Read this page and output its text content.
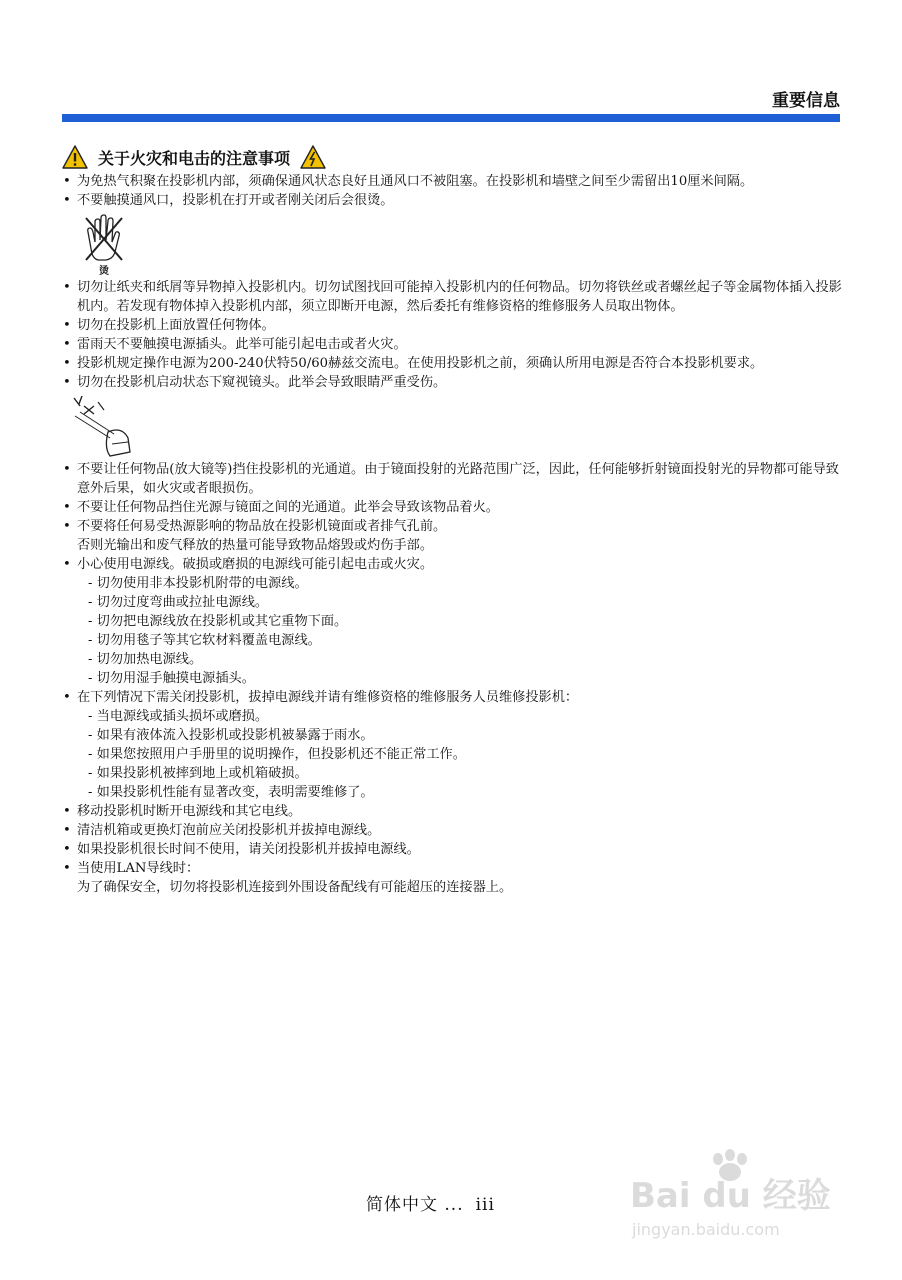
重要信息
关于火灾和电击的注意事项
• 为免热气积聚在投影机内部，须确保通风状态良好且通风口不被阻塞。在投影机和墙壁之间至少需留出10厘米间隔。
• 不要触摸通风口，投影机在打开或者刚关闭后会很烫。
烫
• 切勿让纸夹和纸屑等异物掉入投影机内。切勿试图找回可能掉入投影机内的任何物品。切勿将铁丝或者螺丝起子等金属物体插入投影机内。若发现有物体掉入投影机内部，须立即断开电源，然后委托有维修资格的维修服务人员取出物体。
• 切勿在投影机上面放置任何物体。
• 雷雨天不要触摸电源插头。此举可能引起电击或者火灾。
• 投影机规定操作电源为200-240伏特50/60赫兹交流电。在使用投影机之前，须确认所用电源是否符合本投影机要求。
• 切勿在投影机启动状态下窥视镜头。此举会导致眼睛严重受伤。
• 不要让任何物品(放大镜等)挡住投影机的光通道。由于镜面投射的光路范围广泛，因此，任何能够折射镜面投射光的异物都可能导致意外后果，如火灾或者眼损伤。
• 不要让任何物品挡住光源与镜面之间的光通道。此举会导致该物品着火。
• 不要将任何易受热源影响的物品放在投影机镜面或者排气孔前。
否则光输出和废气释放的热量可能导致物品熔毁或灼伤手部。
• 小心使用电源线。破损或磨损的电源线可能引起电击或火灾。
- 切勿使用非本投影机附带的电源线。
- 切勿过度弯曲或拉扯电源线。
- 切勿把电源线放在投影机或其它重物下面。
- 切勿用毯子等其它软材料覆盖电源线。
- 切勿加热电源线。
- 切勿用湿手触摸电源插头。
• 在下列情况下需关闭投影机，拔掉电源线并请有维修资格的维修服务人员维修投影机：
- 当电源线或插头损坏或磨损。
- 如果有液体流入投影机或投影机被暴露于雨水。
- 如果您按照用户手册里的说明操作，但投影机还不能正常工作。
- 如果投影机被摔到地上或机箱破损。
- 如果投影机性能有显著改变，表明需要维修了。
• 移动投影机时断开电源线和其它电线。
• 清洁机箱或更换灯泡前应关闭投影机并拔掉电源线。
• 如果投影机很长时间不使用，请关闭投影机并拔掉电源线。
• 当使用LAN导线时：
为了确保安全，切勿将投影机连接到外围设备配线有可能超压的连接器上。
简体中文 ... iii	Bai du 经验
jingyan.baidu.com
